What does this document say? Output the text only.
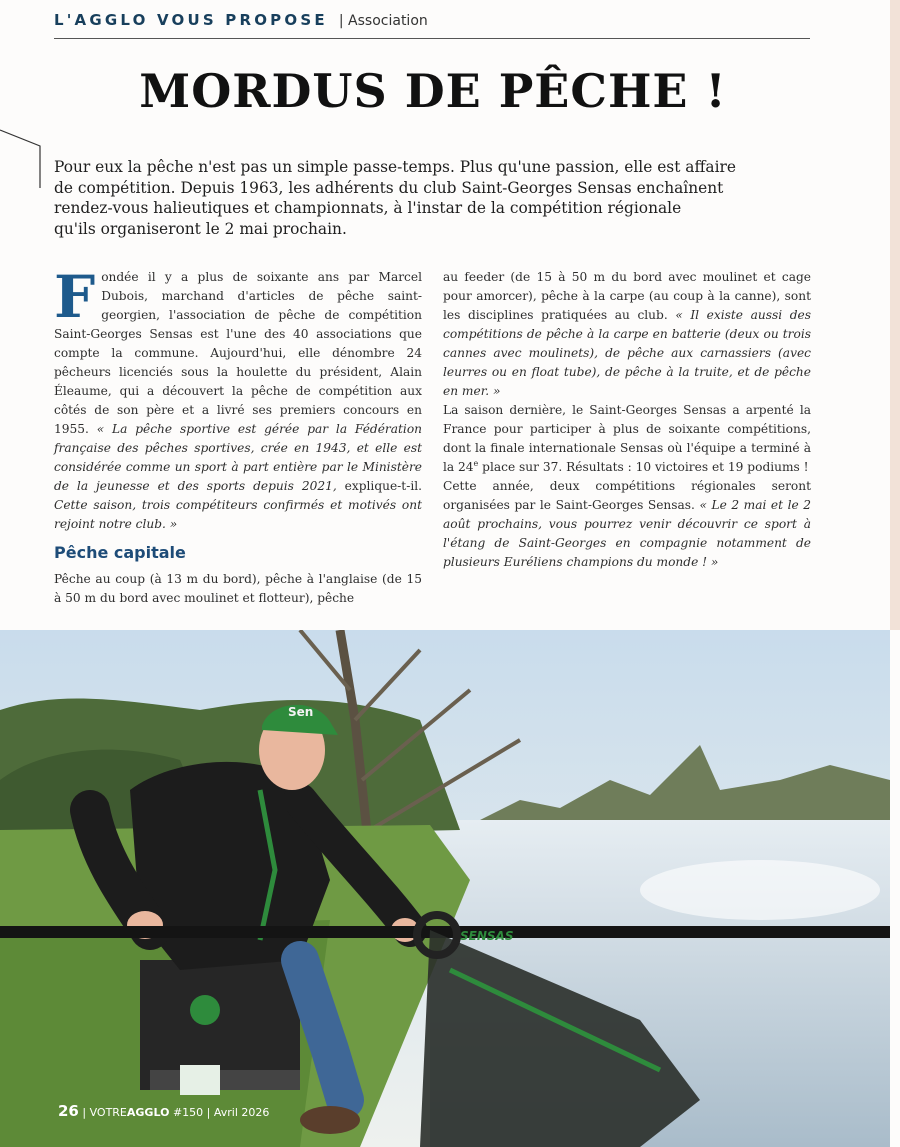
L'AGGLO VOUS PROPOSE | Association
MORDUS DE PÊCHE !
Pour eux la pêche n'est pas un simple passe-temps. Plus qu'une passion, elle est affaire
de compétition. Depuis 1963, les adhérents du club Saint-Georges Sensas enchaînent
rendez-vous halieutiques et championnats, à l'instar de la compétition régionale
qu'ils organiseront le 2 mai prochain.

Fondée il y a plus de soixante ans par Marcel Dubois, marchand d'articles de pêche saint-georgien, l'association de pêche de compétition Saint-Georges Sensas est l'une des 40 associations que compte la commune. Aujourd'hui, elle dénombre 24 pêcheurs licenciés sous la houlette du président, Alain Éleaume, qui a découvert la pêche de compétition aux côtés de son père et a livré ses premiers concours en 1955. « La pêche sportive est gérée par la Fédération française des pêches sportives, crée en 1943, et elle est considérée comme un sport à part entière par le Ministère de la jeunesse et des sports depuis 2021, explique-t-il. Cette saison, trois compétiteurs confirmés et motivés ont rejoint notre club. »

Pêche capitale

Pêche au coup (à 13 m du bord), pêche à l'anglaise (de 15 à 50 m du bord avec moulinet et flotteur), pêche

au feeder (de 15 à 50 m du bord avec moulinet et cage pour amorcer), pêche à la carpe (au coup à la canne), sont les disciplines pratiquées au club. « Il existe aussi des compétitions de pêche à la carpe en batterie (deux ou trois cannes avec moulinets), de pêche aux carnassiers (avec leurres ou en float tube), de pêche à la truite, et de pêche en mer. »

La saison dernière, le Saint-Georges Sensas a arpenté la France pour participer à plus de soixante compétitions, dont la finale internationale Sensas où l'équipe a terminé à la 24e place sur 37. Résultats : 10 victoires et 19 podiums !

Cette année, deux compétitions régionales seront organisées par le Saint-Georges Sensas. « Le 2 mai et le 2 août prochains, vous pourrez venir découvrir ce sport à l'étang de Saint-Georges en compagnie notamment de plusieurs Euréliens champions du monde ! »

Sen
SENSAS
26 | VOTREAGGLO #150 | Avril 2026
